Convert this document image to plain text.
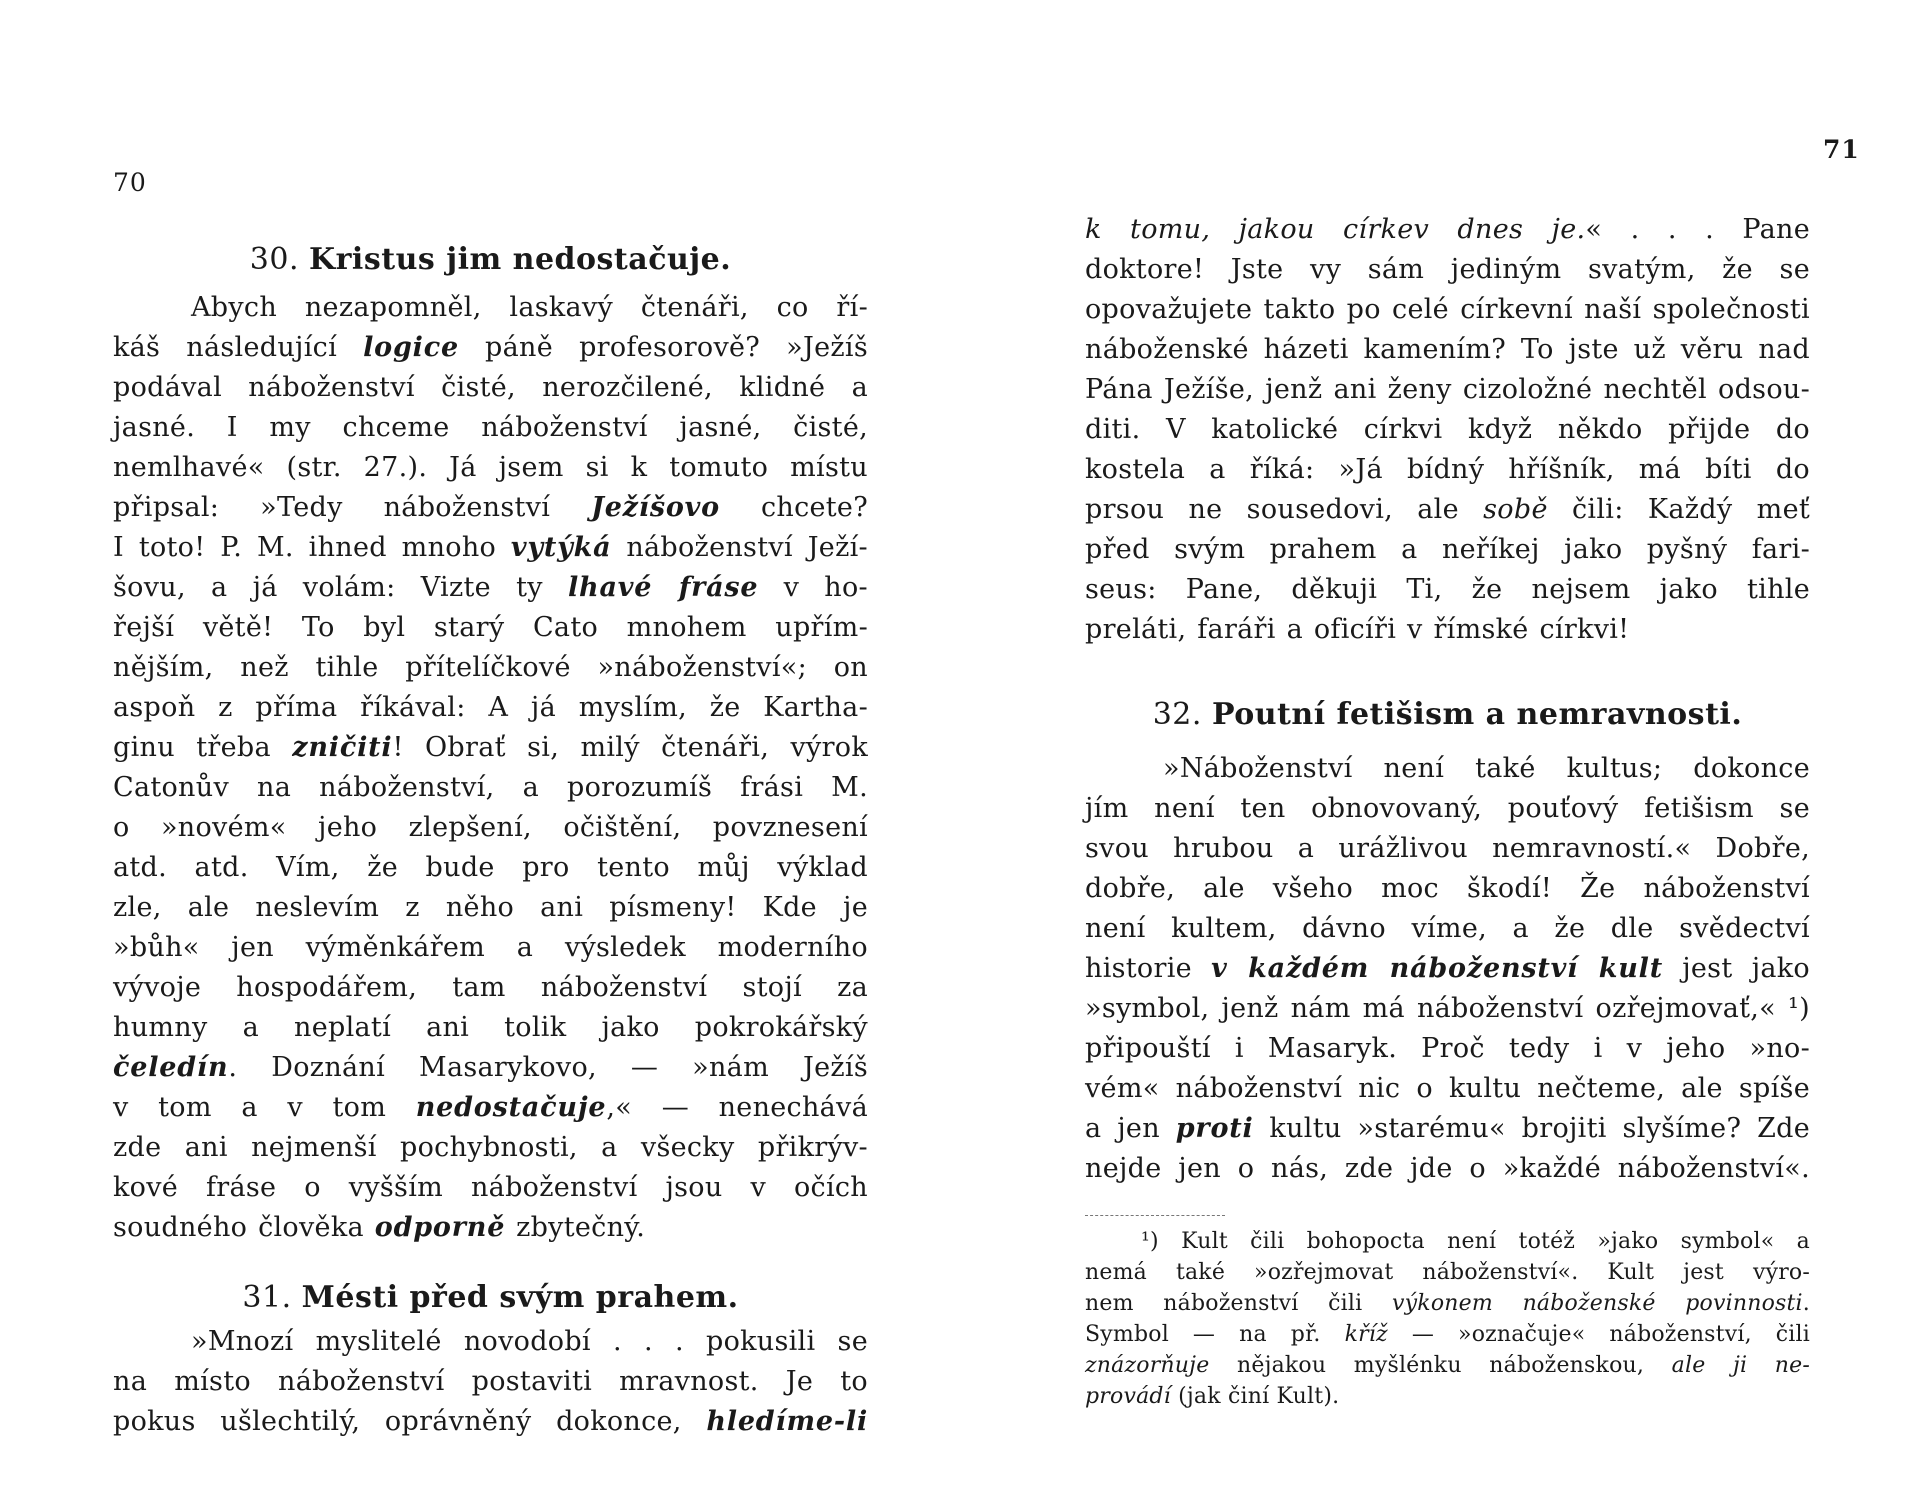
70
30. Kristus jim nedostačuje.
Abych nezapomněl, laskavý čtenáři, co ří-
káš následující logice páně profesorově? »Ježíš
podával náboženství čisté, nerozčilené, klidné a
jasné. I my chceme náboženství jasné, čisté,
nemlhavé« (str. 27.). Já jsem si k tomuto místu
připsal: »Tedy náboženství Ježíšovo chcete?
I toto! P. M. ihned mnoho vytýká náboženství Ježí-
šovu, a já volám: Vizte ty lhavé fráse v ho-
řejší větě! To byl starý Cato mnohem upřím-
nějším, než tihle přítelíčkové »náboženství«; on
aspoň z příma říkával: A já myslím, že Kartha-
ginu třeba zničiti! Obrať si, milý čtenáři, výrok
Catonův na náboženství, a porozumíš frási M.
o »novém« jeho zlepšení, očištění, povznesení
atd. atd. Vím, že bude pro tento můj výklad
zle, ale neslevím z něho ani písmeny! Kde je
»bůh« jen výměnkářem a výsledek moderního
vývoje hospodářem, tam náboženství stojí za
humny a neplatí ani tolik jako pokrokářský
čeledín. Doznání Masarykovo, — »nám Ježíš
v tom a v tom nedostačuje,« — nenechává
zde ani nejmenší pochybnosti, a všecky přikrýv-
kové fráse o vyšším náboženství jsou v očích
soudného člověka odporně zbytečný.
31. Mésti před svým prahem.
»Mnozí myslitelé novodobí . . . pokusili se
na místo náboženství postaviti mravnost. Je to
pokus ušlechtilý, oprávněný dokonce, hledíme-li
71
k tomu, jakou církev dnes je.« . . . Pane
doktore! Jste vy sám jediným svatým, že se
opovažujete takto po celé církevní naší společnosti
náboženské házeti kamením? To jste už věru nad
Pána Ježíše, jenž ani ženy cizoložné nechtěl odsou-
diti. V katolické církvi když někdo přijde do
kostela a říká: »Já bídný hříšník, má bíti do
prsou ne sousedovi, ale sobě čili: Každý meť
před svým prahem a neříkej jako pyšný fari-
seus: Pane, děkuji Ti, že nejsem jako tihle
preláti, faráři a oficíři v římské církvi!
32. Poutní fetišism a nemravnosti.
»Náboženství není také kultus; dokonce
jím není ten obnovovaný, pouťový fetišism se
svou hrubou a urážlivou nemravností.« Dobře,
dobře, ale všeho moc škodí! Že náboženství
není kultem, dávno víme, a že dle svědectví
historie v každém náboženství kult jest jako
»symbol, jenž nám má náboženství ozřejmovať,« ¹)
připouští i Masaryk. Proč tedy i v jeho »no-
vém« náboženství nic o kultu nečteme, ale spíše
a jen proti kultu »starému« brojiti slyšíme? Zde
nejde jen o nás, zde jde o »každé náboženství«.
¹) Kult čili bohopocta není totéž »jako symbol« a
nemá také »ozřejmovat náboženství«. Kult jest výro-
nem náboženství čili výkonem náboženské povinnosti.
Symbol — na př. kříž — »označuje« náboženství, čili
znázorňuje nějakou myšlénku náboženskou, ale ji ne-
provádí (jak činí Kult).
